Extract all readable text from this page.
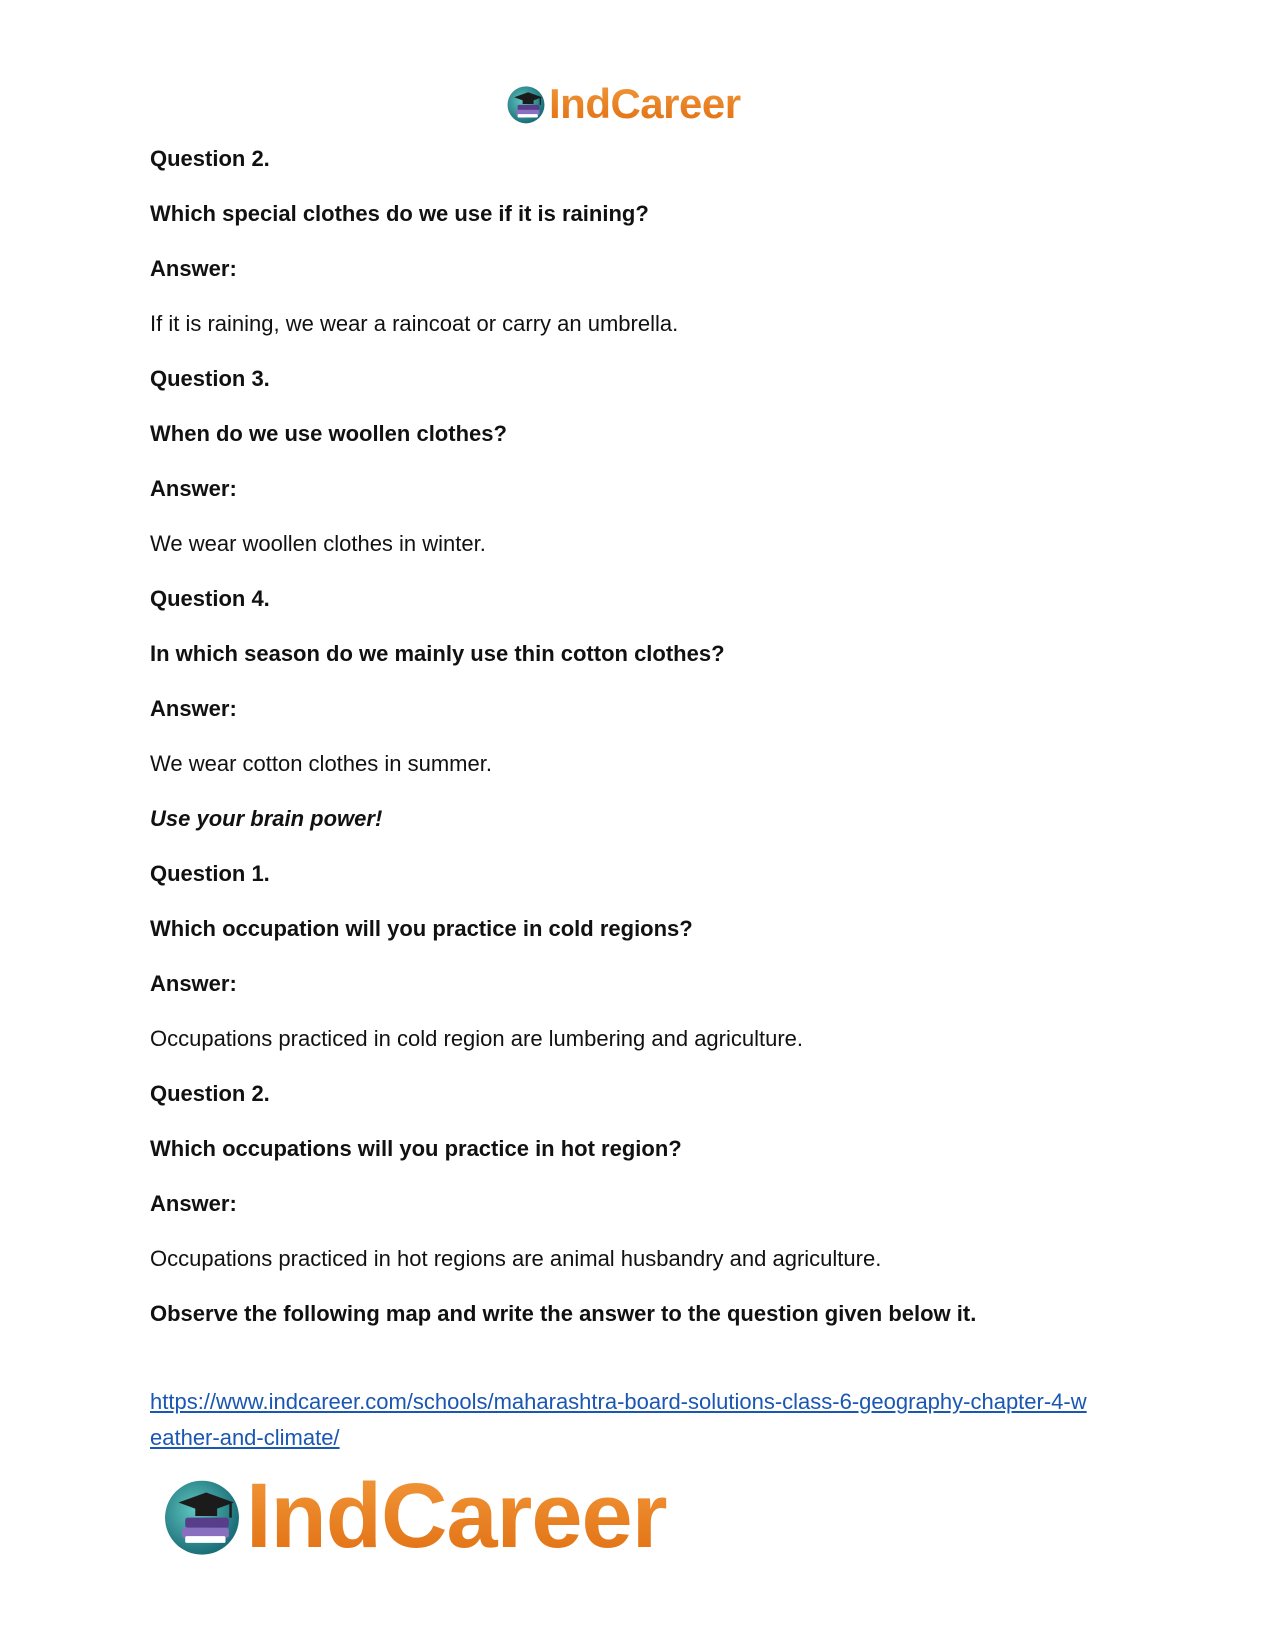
IndCareer
Question 2.
Which special clothes do we use if it is raining?
Answer:
If it is raining, we wear a raincoat or carry an umbrella.
Question 3.
When do we use woollen clothes?
Answer:
We wear woollen clothes in winter.
Question 4.
In which season do we mainly use thin cotton clothes?
Answer:
We wear cotton clothes in summer.
Use your brain power!
Question 1.
Which occupation will you practice in cold regions?
Answer:
Occupations practiced in cold region are lumbering and agriculture.
Question 2.
Which occupations will you practice in hot region?
Answer:
Occupations practiced in hot regions are animal husbandry and agriculture.
Observe the following map and write the answer to the question given below it.
https://www.indcareer.com/schools/maharashtra-board-solutions-class-6-geography-chapter-4-w
eather-and-climate/
IndCareer
